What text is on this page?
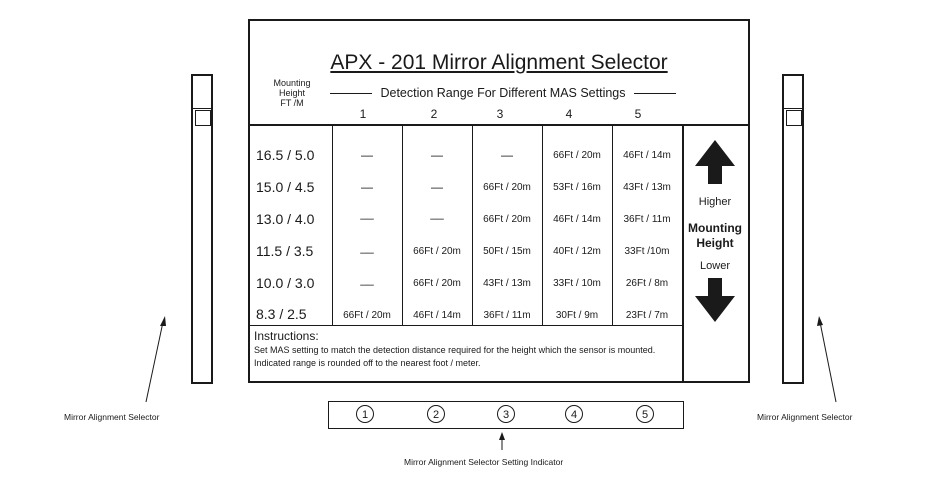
APX - 201 Mirror Alignment Selector
Mounting
Height
FT /M
Detection Range For Different MAS Settings
1	2	3	4	5
16.5 / 5.0	—	—	—	66Ft / 20m	46Ft / 14m
15.0 / 4.5	—	—	66Ft / 20m	53Ft / 16m	43Ft / 13m
13.0 / 4.0	__	__	66Ft / 20m	46Ft / 14m	36Ft / 11m
11.5 / 3.5	__	66Ft / 20m	50Ft / 15m	40Ft / 12m	33Ft /10m
10.0 / 3.0	__	66Ft / 20m	43Ft / 13m	33Ft / 10m	26Ft / 8m
8.3 / 2.5	66Ft / 20m	46Ft / 14m	36Ft / 11m	30Ft / 9m	23Ft / 7m
Higher
Mounting
Height
Lower
Instructions:
Set MAS setting to match the detection distance required for the height which the sensor is mounted.
Indicated range is rounded off to the nearest foot / meter.
Mirror Alignment Selector	Mirror Alignment Selector
1	2	3	4	5
Mirror Alignment Selector Setting Indicator
